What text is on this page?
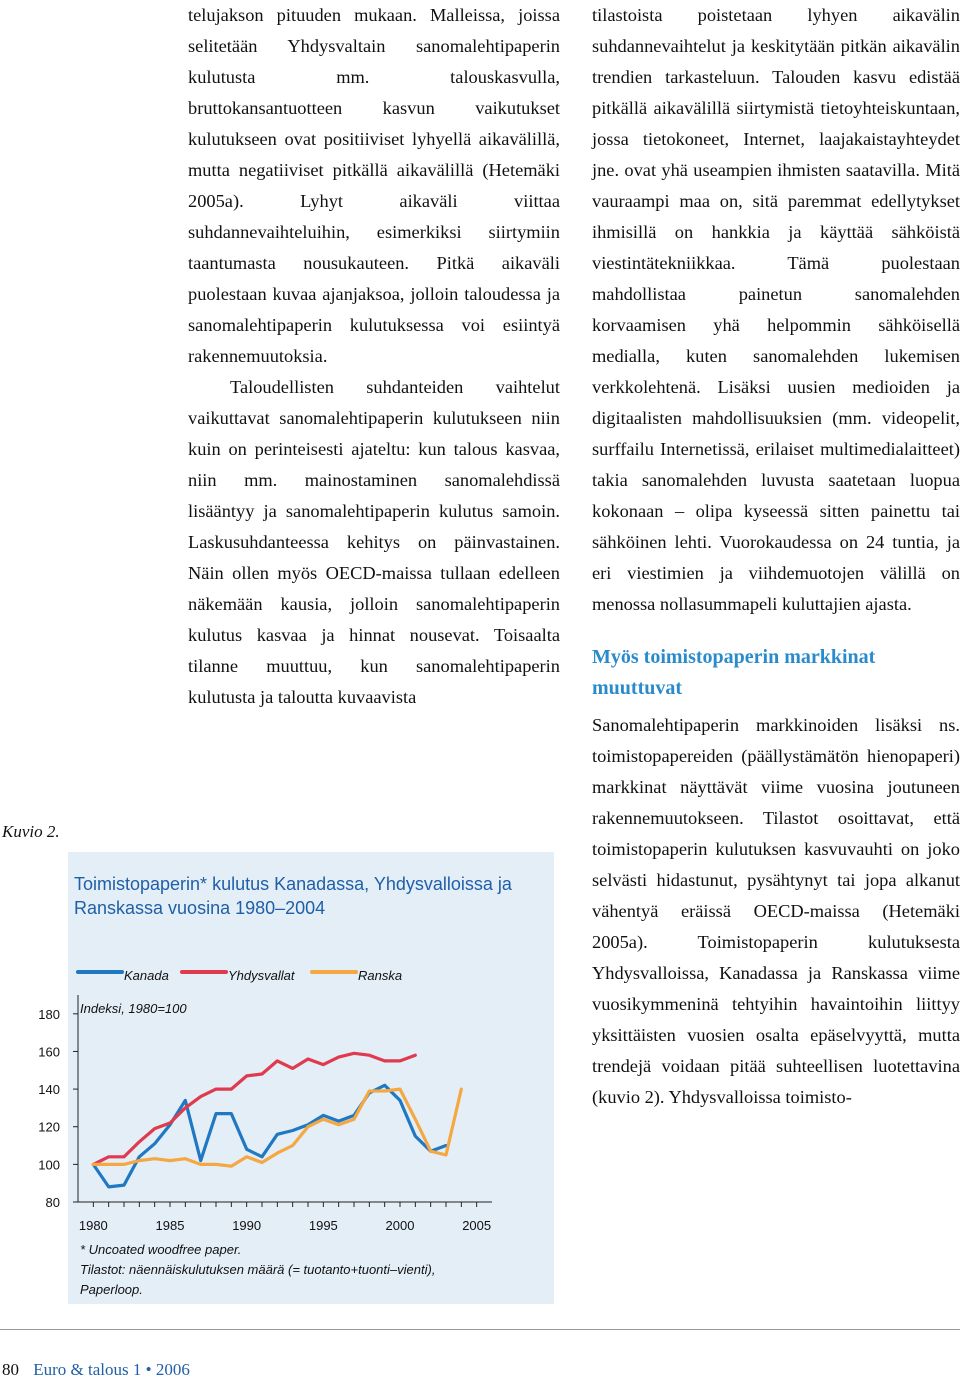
telujakson pituuden mukaan. Malleissa, joissa selitetään Yhdysvaltain sanomalehtipaperin kulutusta mm. talouskasvulla, bruttokansantuotteen kasvun vaikutukset kulutukseen ovat positiiviset lyhyellä aikavälillä, mutta negatiiviset pitkällä aikavälillä (Hetemäki 2005a). Lyhyt aikaväli viittaa suhdannevaihteluihin, esimerkiksi siirtymiin taantumasta nousukauteen. Pitkä aikaväli puolestaan kuvaa ajanjaksoa, jolloin taloudessa ja sanomalehtipaperin kulutuksessa voi esiintyä rakennemuutoksia.

Taloudellisten suhdanteiden vaihtelut vaikuttavat sanomalehtipaperin kulutukseen niin kuin on perinteisesti ajateltu: kun talous kasvaa, niin mm. mainostaminen sanomalehdissä lisääntyy ja sanomalehtipaperin kulutus samoin. Laskusuhdanteessa kehitys on päinvastainen. Näin ollen myös OECD-maissa tullaan edelleen näkemään kausia, jolloin sanomalehtipaperin kulutus kasvaa ja hinnat nousevat. Toisaalta tilanne muuttuu, kun sanomalehtipaperin kulutusta ja taloutta kuvaavista

tilastoista poistetaan lyhyen aikavälin suhdannevaihtelut ja keskitytään pitkän aikavälin trendien tarkasteluun. Talouden kasvu edistää pitkällä aikavälillä siirtymistä tietoyhteiskuntaan, jossa tietokoneet, Internet, laajakaistayhteydet jne. ovat yhä useampien ihmisten saatavilla. Mitä vauraampi maa on, sitä paremmat edellytykset ihmisillä on hankkia ja käyttää sähköistä viestintätekniikkaa. Tämä puolestaan mahdollistaa painetun sanomalehden korvaamisen yhä helpommin sähköisellä medialla, kuten sanomalehden lukemisen verkkolehtenä. Lisäksi uusien medioiden ja digitaalisten mahdollisuuksien (mm. videopelit, surffailu Internetissä, erilaiset multimedialaitteet) takia sanomalehden luvusta saatetaan luopua kokonaan – olipa kyseessä sitten painettu tai sähköinen lehti. Vuorokaudessa on 24 tuntia, ja eri viestimien ja viihdemuotojen välillä on menossa nollasummapeli kuluttajien ajasta.

Myös toimistopaperin markkinat muuttuvat

Sanomalehtipaperin markkinoiden lisäksi ns. toimistopapereiden (päällystämätön hienopaperi) markkinat näyttävät viime vuosina joutuneen rakennemuutokseen. Tilastot osoittavat, että toimistopaperin kulutuksen kasvuvauhti on joko selvästi hidastunut, pysähtynyt tai jopa alkanut vähentyä eräissä OECD-maissa (Hetemäki 2005a). Toimistopaperin kulutuksesta Yhdysvalloissa, Kanadassa ja Ranskassa viime vuosikymmeninä tehtyihin havaintoihin liittyy yksittäisten vuosien osalta epäselvyyttä, mutta trendejä voidaan pitää suhteellisen luotettavina (kuvio 2). Yhdysvalloissa toimisto-

Kuvio 2.
Toimistopaperin* kulutus Kanadassa, Yhdysvalloissa ja Ranskassa vuosina 1980–2004
80
100
120
140
160
180
1980	1985	1990	1995	2000	2005
Indeksi, 1980=100
Kanada	Yhdysvallat	Ranska
* Uncoated woodfree paper.
Tilastot: näennäiskulutuksen määrä (= tuotanto+tuonti–vienti), Paperloop.
80 Euro & talous 1 • 2006
